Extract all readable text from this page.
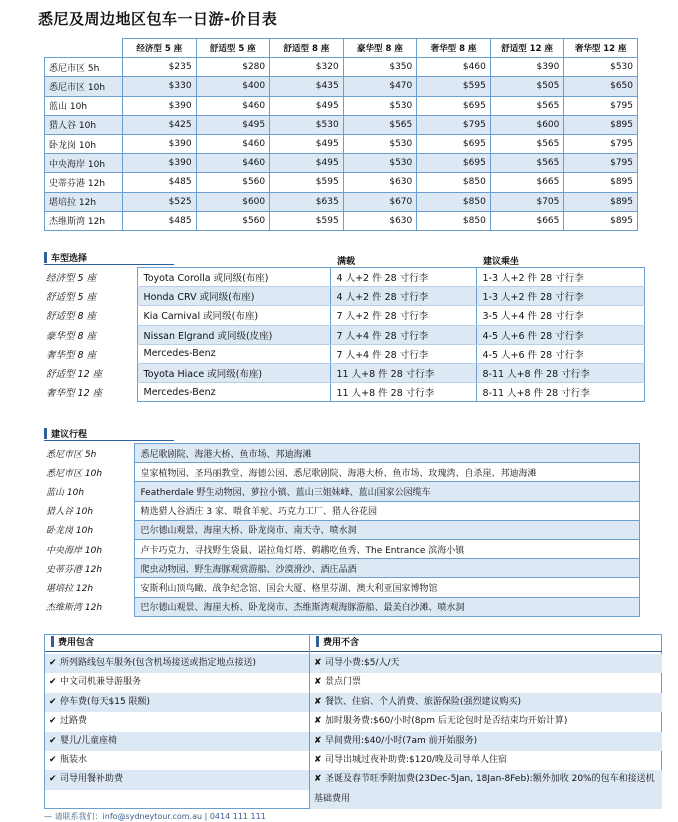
悉尼及周边地区包车一日游-价目表
	经济型 5 座	舒适型 5 座	舒适型 8 座	豪华型 8 座	奢华型 8 座	舒适型 12 座	奢华型 12 座
悉尼市区 5h	$235	$280	$320	$350	$460	$390	$530
悉尼市区 10h	$330	$400	$435	$470	$595	$505	$650
蓝山 10h	$390	$460	$495	$530	$695	$565	$795
猎人谷 10h	$425	$495	$530	$565	$795	$600	$895
卧龙岗 10h	$390	$460	$495	$530	$695	$565	$795
中央海岸 10h	$390	$460	$495	$530	$695	$565	$795
史蒂芬港 12h	$485	$560	$595	$630	$850	$665	$895
堪培拉 12h	$525	$600	$635	$670	$850	$705	$895
杰维斯湾 12h	$485	$560	$595	$630	$850	$665	$895
车型选择	满载	建议乘坐
经济型 5 座	Toyota Corolla 或同级(布座)	4 人+2 件 28 寸行李	1-3 人+2 件 28 寸行李
舒适型 5 座	Honda CRV 或同级(布座)	4 人+2 件 28 寸行李	1-3 人+2 件 28 寸行李
舒适型 8 座	Kia Carnival 或同级(布座)	7 人+2 件 28 寸行李	3-5 人+4 件 28 寸行李
豪华型 8 座	Nissan Elgrand 或同级(皮座)	7 人+4 件 28 寸行李	4-5 人+6 件 28 寸行李
奢华型 8 座	Mercedes-Benz	7 人+4 件 28 寸行李	4-5 人+6 件 28 寸行李
舒适型 12 座	Toyota Hiace 或同级(布座)	11 人+8 件 28 寸行李	8-11 人+8 件 28 寸行李
奢华型 12 座	Mercedes-Benz	11 人+8 件 28 寸行李	8-11 人+8 件 28 寸行李
建议行程
悉尼市区 5h	悉尼歌剧院、海港大桥、鱼市场、邦迪海滩
悉尼市区 10h	皇家植物园、圣玛丽教堂、海德公园、悉尼歌剧院、海港大桥、鱼市场、玫瑰湾、自杀崖、邦迪海滩
蓝山 10h	Featherdale 野生动物园、萝拉小镇、蓝山三姐妹峰、蓝山国家公园缆车
猎人谷 10h	精选猎人谷酒庄 3 家、喂食羊驼、巧克力工厂、猎人谷花园
卧龙岗 10h	巴尔德山观景、海崖大桥、卧龙岗市、南天寺、喷水洞
中央海岸 10h	卢卡巧克力、寻找野生袋鼠、诺拉角灯塔、鹈鹕吃鱼秀、The Entrance 滨海小镇
史蒂芬港 12h	爬虫动物园、野生海豚观赏游船、沙漠滑沙、酒庄品酒
堪培拉 12h	安斯利山顶鸟瞰、战争纪念馆、国会大厦、格里芬湖、澳大利亚国家博物馆
杰维斯湾 12h	巴尔德山观景、海崖大桥、卧龙岗市、杰维斯湾观海豚游船、最美白沙滩、喷水洞
费用包含
✔ 所列路线包车服务(包含机场接送或指定地点接送)
✔ 中文司机兼导游服务
✔ 停车费(每天$15 限额)
✔ 过路费
✔ 婴儿/儿童座椅
✔ 瓶装水
✔ 司导用餐补助费
费用不含
✘ 司导小费:$5/人/天
✘ 景点门票
✘ 餐饮、住宿、个人消费、旅游保险(强烈建议购买)
✘ 加时服务费:$60/小时(8pm 后无论包时是否结束均开始计算)
✘ 早间费用:$40/小时(7am 前开始服务)
✘ 司导出城过夜补助费:$120/晚及司导单人住宿
✘ 圣诞及春节旺季附加费(23Dec-5Jan, 18Jan-8Feb):额外加收 20%的包车和接送机基础费用
— 请联系我们：info@sydneytour.com.au | 0414 111 111
